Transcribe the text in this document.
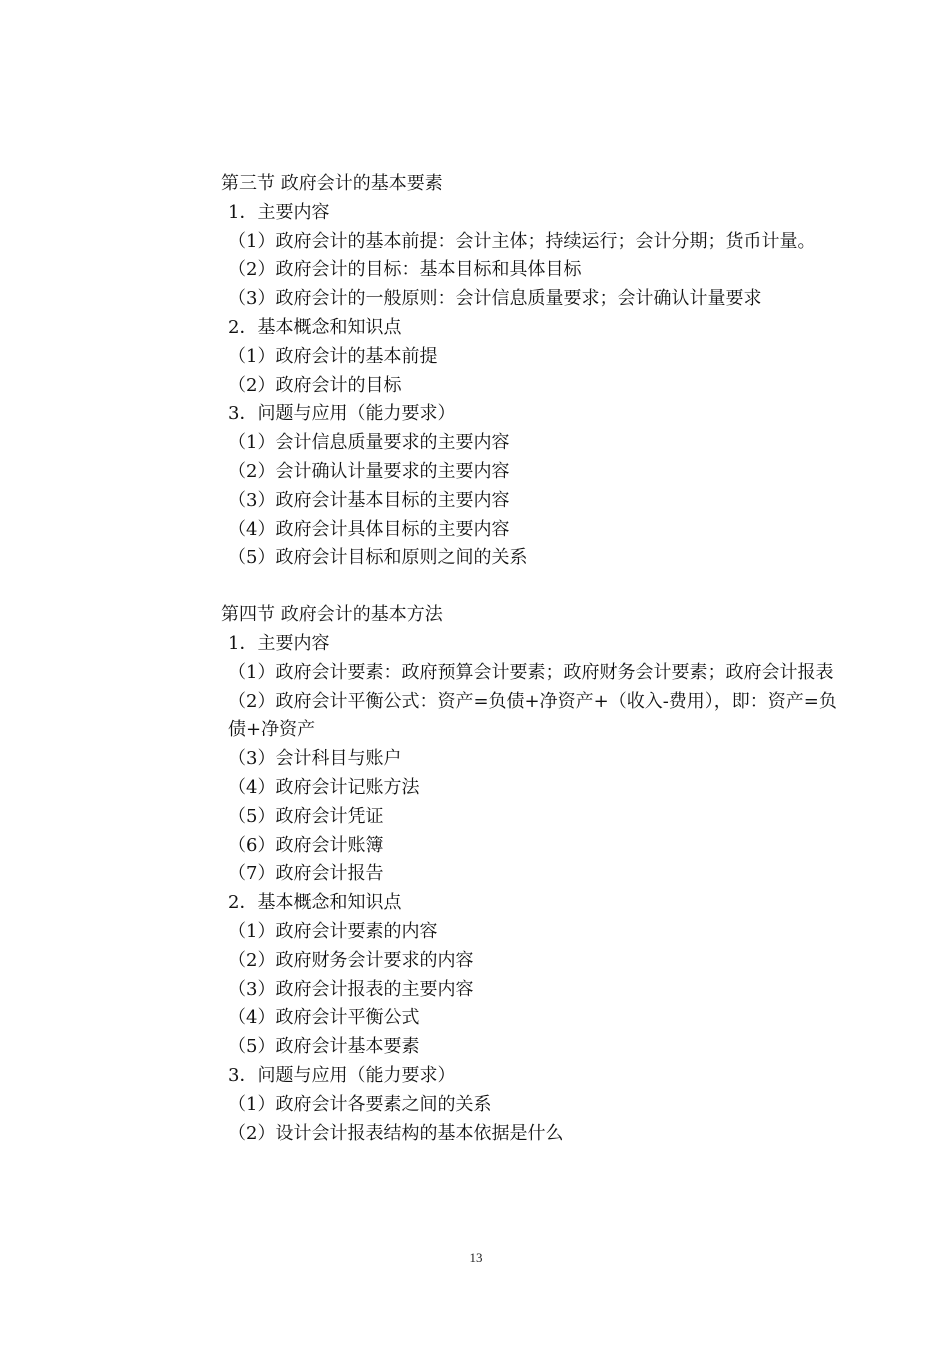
第三节 政府会计的基本要素
1．主要内容
（1）政府会计的基本前提：会计主体；持续运行；会计分期；货币计量。
（2）政府会计的目标：基本目标和具体目标
（3）政府会计的一般原则：会计信息质量要求；会计确认计量要求
2．基本概念和知识点
（1）政府会计的基本前提
（2）政府会计的目标
3．问题与应用（能力要求）
（1）会计信息质量要求的主要内容
（2）会计确认计量要求的主要内容
（3）政府会计基本目标的主要内容
（4）政府会计具体目标的主要内容
（5）政府会计目标和原则之间的关系
第四节 政府会计的基本方法
1．主要内容
（1）政府会计要素：政府预算会计要素；政府财务会计要素；政府会计报表
（2）政府会计平衡公式：资产=负债+净资产+（收入-费用），即：资产=负债+净资产
（3）会计科目与账户
（4）政府会计记账方法
（5）政府会计凭证
（6）政府会计账簿
（7）政府会计报告
2．基本概念和知识点
（1）政府会计要素的内容
（2）政府财务会计要求的内容
（3）政府会计报表的主要内容
（4）政府会计平衡公式
（5）政府会计基本要素
3．问题与应用（能力要求）
（1）政府会计各要素之间的关系
（2）设计会计报表结构的基本依据是什么
13
